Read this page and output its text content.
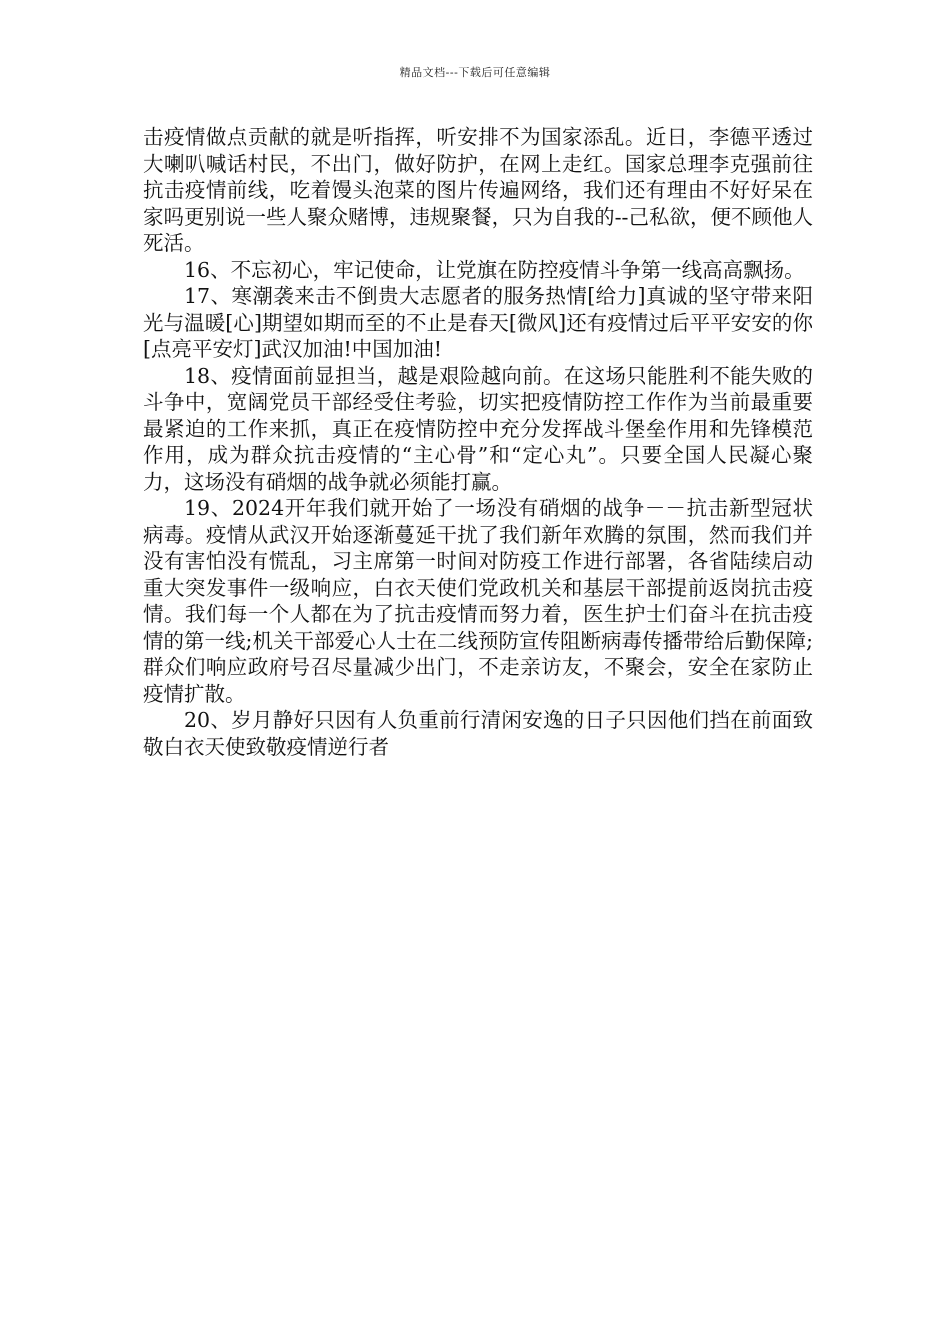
精品文档---下载后可任意编辑

击疫情做点贡献的就是听指挥，听安排不为国家添乱。近日，李德平透过大喇叭喊话村民，不出门，做好防护，在网上走红。国家总理李克强前往抗击疫情前线，吃着馒头泡菜的图片传遍网络，我们还有理由不好好呆在家吗更别说一些人聚众赌博，违规聚餐，只为自我的--己私欲，便不顾他人死活。

16、不忘初心，牢记使命，让党旗在防控疫情斗争第一线高高飘扬。

17、寒潮袭来击不倒贵大志愿者的服务热情[给力]真诚的坚守带来阳光与温暖[心]期望如期而至的不止是春天[微风]还有疫情过后平平安安的你[点亮平安灯]武汉加油!中国加油!

18、疫情面前显担当，越是艰险越向前。在这场只能胜利不能失败的斗争中，宽阔党员干部经受住考验，切实把疫情防控工作作为当前最重要最紧迫的工作来抓，真正在疫情防控中充分发挥战斗堡垒作用和先锋模范作用，成为群众抗击疫情的“主心骨”和“定心丸”。只要全国人民凝心聚力，这场没有硝烟的战争就必须能打赢。

19、2024开年我们就开始了一场没有硝烟的战争－－抗击新型冠状病毒。疫情从武汉开始逐渐蔓延干扰了我们新年欢腾的氛围，然而我们并没有害怕没有慌乱，习主席第一时间对防疫工作进行部署，各省陆续启动重大突发事件一级响应，白衣天使们党政机关和基层干部提前返岗抗击疫情。我们每一个人都在为了抗击疫情而努力着，医生护士们奋斗在抗击疫情的第一线;机关干部爱心人士在二线预防宣传阻断病毒传播带给后勤保障;群众们响应政府号召尽量减少出门，不走亲访友，不聚会，安全在家防止疫情扩散。

20、岁月静好只因有人负重前行清闲安逸的日子只因他们挡在前面致敬白衣天使致敬疫情逆行者
